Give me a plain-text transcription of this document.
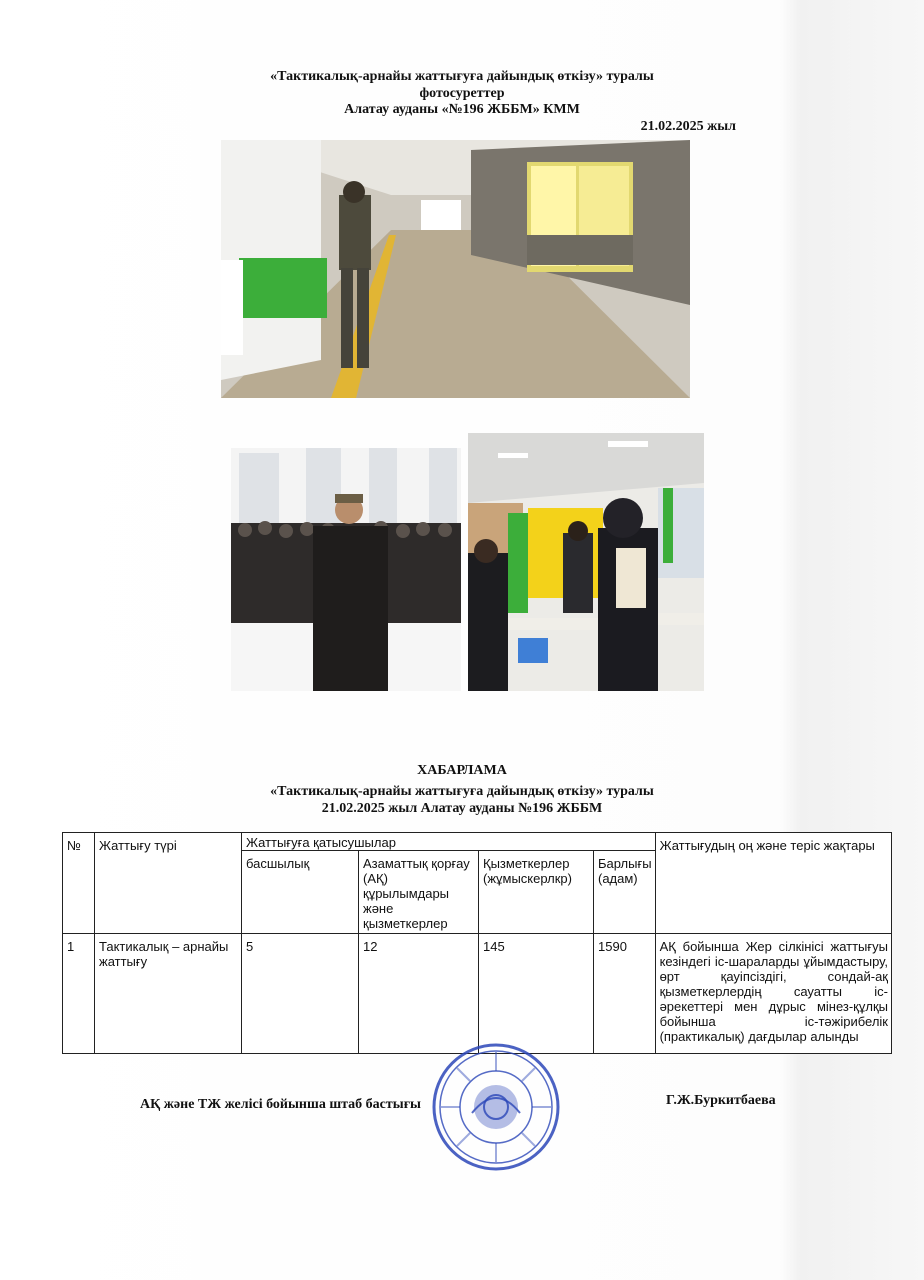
«Тактикалық-арнайы жаттығуға дайындық өткізу» туралы
фотосуреттер
Алатау ауданы «№196 ЖББМ» КММ
21.02.2025 жыл
ХАБАРЛАМА
«Тактикалық-арнайы жаттығуға дайындық өткізу» туралы
21.02.2025 жыл Алатау ауданы №196 ЖББМ
№	Жаттығу түрі	Жаттығуға қатысушылар				Жаттығудың оң және теріс жақтары
		басшылық	Азаматтық қорғау (АҚ) құрылымдары және қызметкерлер	Қызметкерлер (жұмыскерлкр)	Барлығы (адам)	
1	Тактикалық – арнайы жаттығу	5	12	145	1590	АҚ бойынша Жер сілкінісі жаттығуы кезіндегі іс-шараларды ұйымдастыру, өрт қауіпсіздігі, сондай-ақ қызметкерлердің сауатты іс-әрекеттері мен дұрыс мінез-құлқы бойынша іс-тәжірибелік (практикалық) дағдылар алынды
АҚ және ТЖ желісі бойынша штаб бастығы	Г.Ж.Буркитбаева
